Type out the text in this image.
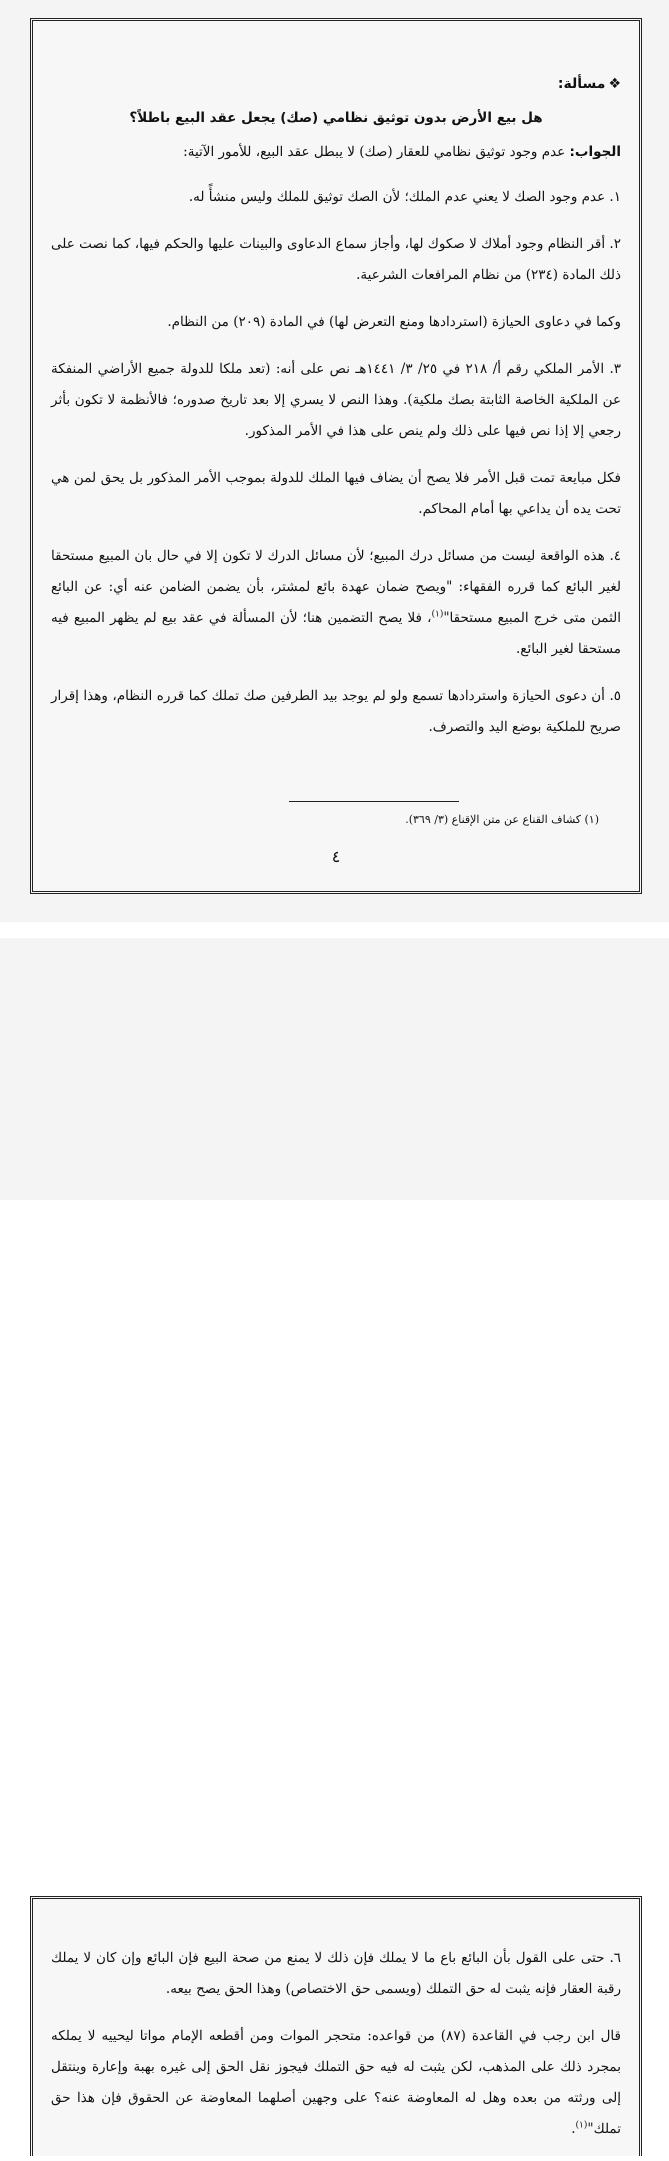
❖مسألة:

هل بيع الأرض بدون توثيق نظامي (صك) يجعل عقد البيع باطلاً؟

الجواب: عدم وجود توثيق نظامي للعقار (صك) لا يبطل عقد البيع، للأمور الآتية:

١. عدم وجود الصك لا يعني عدم الملك؛ لأن الصك توثيق للملك وليس منشأً له.

٢. أقر النظام وجود أملاك لا صكوك لها، وأجاز سماع الدعاوى والبينات عليها والحكم فيها، كما نصت على ذلك المادة (٢٣٤) من نظام المرافعات الشرعية.

وكما في دعاوى الحيازة (استردادها ومنع التعرض لها) في المادة (٢٠٩) من النظام.

٣. الأمر الملكي رقم أ/ ٢١٨ في ٢٥/ ٣/ ١٤٤١هـ نص على أنه: (تعد ملكا للدولة جميع الأراضي المنفكة عن الملكية الخاصة الثابتة بصك ملكية). وهذا النص لا يسري إلا بعد تاريخ صدوره؛ فالأنظمة لا تكون بأثر رجعي إلا إذا نص فيها على ذلك ولم ينص على هذا في الأمر المذكور.

فكل مبايعة تمت قبل الأمر فلا يصح أن يضاف فيها الملك للدولة بموجب الأمر المذكور بل يحق لمن هي تحت يده أن يداعي بها أمام المحاكم.

٤. هذه الواقعة ليست من مسائل درك المبيع؛ لأن مسائل الدرك لا تكون إلا في حال بان المبيع مستحقا لغير البائع كما قرره الفقهاء: "ويصح ضمان عهدة بائع لمشتر، بأن يضمن الضامن عنه أي: عن البائع الثمن متى خرج المبيع مستحقا"$^{(١)}$، فلا يصح التضمين هنا؛ لأن المسألة في عقد بيع لم يظهر المبيع فيه مستحقا لغير البائع.

٥. أن دعوى الحيازة واستردادها تسمع ولو لم يوجد بيد الطرفين صك تملك كما قرره النظام، وهذا إقرار صريح للملكية بوضع اليد والتصرف.

(١) كشاف القناع عن متن الإقناع (٣/ ٣٦٩).
٤

٦. حتى على القول بأن البائع باع ما لا يملك فإن ذلك لا يمنع من صحة البيع فإن البائع وإن كان لا يملك رقبة العقار فإنه يثبت له حق التملك (ويسمى حق الاختصاص) وهذا الحق يصح بيعه.

قال ابن رجب في القاعدة (٨٧) من قواعده: متحجر الموات ومن أقطعه الإمام مواتا ليحييه لا يملكه بمجرد ذلك على المذهب، لكن يثبت له فيه حق التملك فيجوز نقل الحق إلى غيره بهبة وإعارة وينتقل إلى ورثته من بعده وهل له المعاوضة عنه؟ على وجهين أصلهما المعاوضة عن الحقوق فإن هذا حق تملك"$^{(١)}$.
